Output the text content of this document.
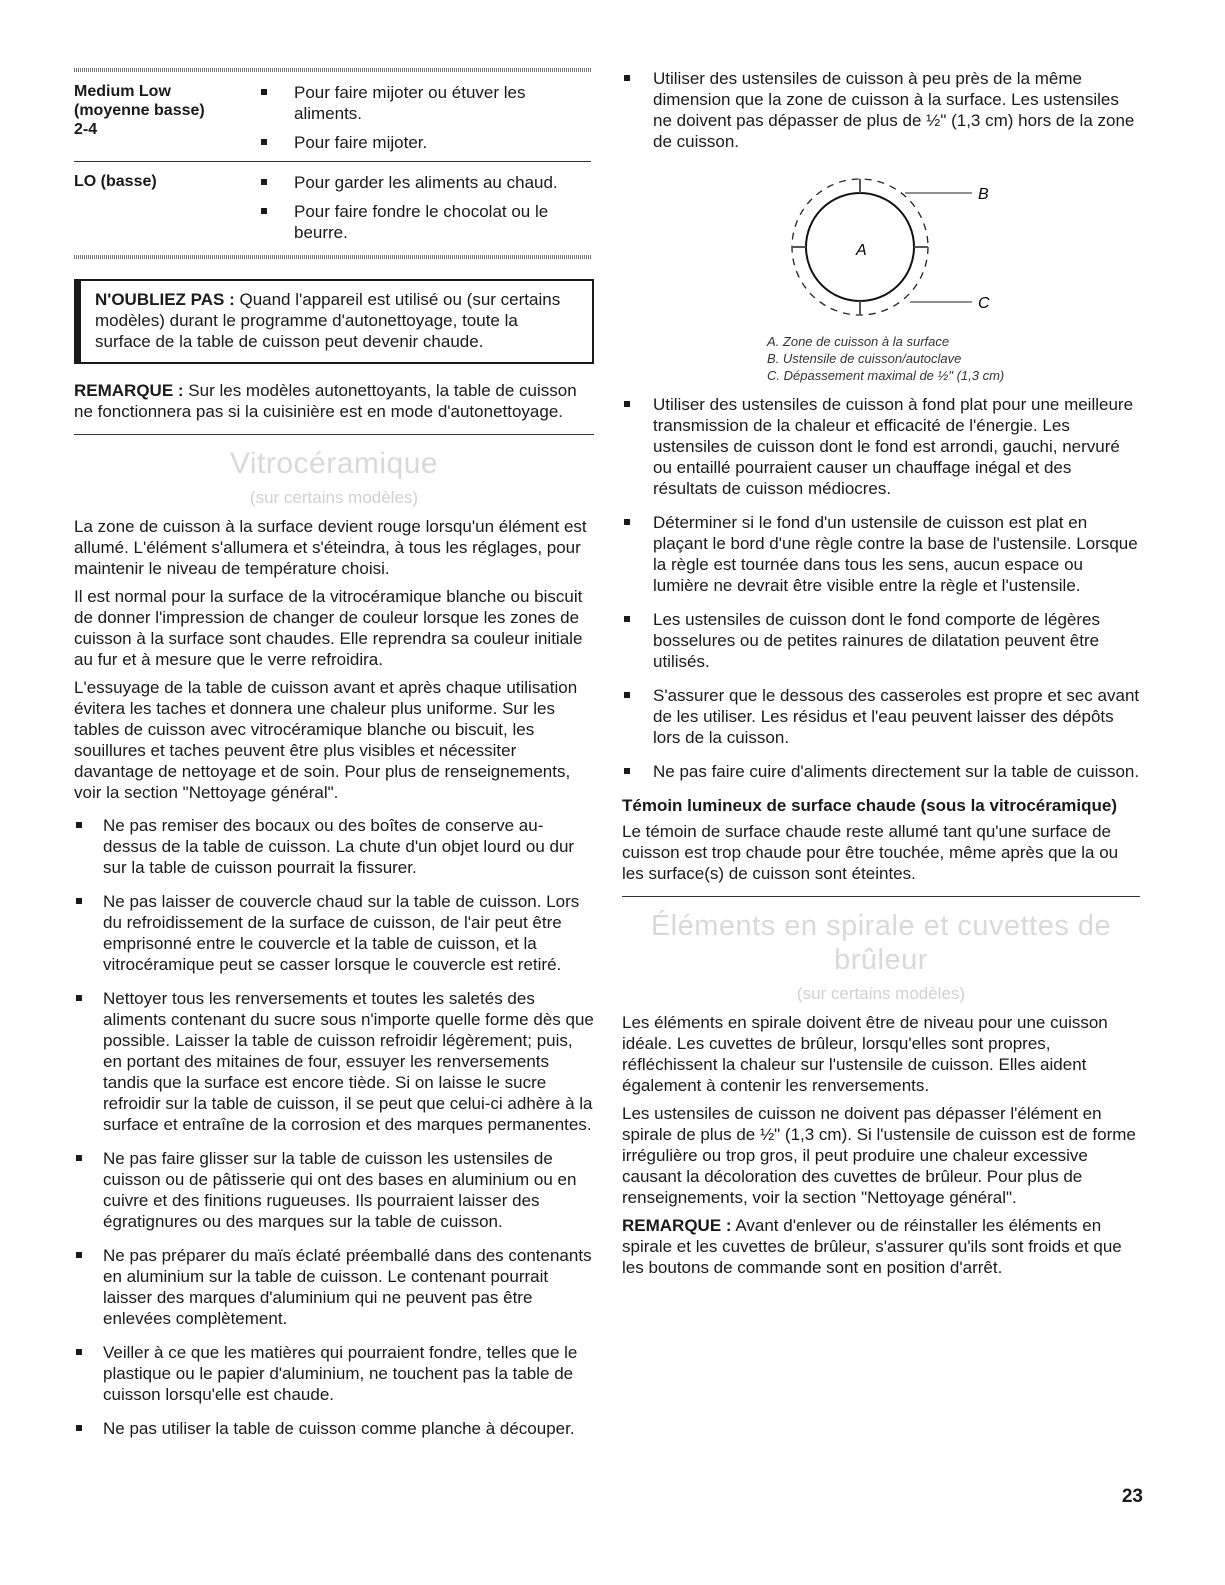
Medium Low
(moyenne basse)
2-4
Pour faire mijoter ou étuver les aliments.
Pour faire mijoter.
LO (basse)	Pour garder les aliments au chaud.
Pour faire fondre le chocolat ou le beurre.
N'OUBLIEZ PAS : Quand l'appareil est utilisé ou (sur certains modèles) durant le programme d'autonettoyage, toute la surface de la table de cuisson peut devenir chaude.

REMARQUE : Sur les modèles autonettoyants, la table de cuisson ne fonctionnera pas si la cuisinière est en mode d'autonettoyage.

Vitrocéramique
(sur certains modèles)

La zone de cuisson à la surface devient rouge lorsqu'un élément est allumé. L'élément s'allumera et s'éteindra, à tous les réglages, pour maintenir le niveau de température choisi.

Il est normal pour la surface de la vitrocéramique blanche ou biscuit de donner l'impression de changer de couleur lorsque les zones de cuisson à la surface sont chaudes. Elle reprendra sa couleur initiale au fur et à mesure que le verre refroidira.

L'essuyage de la table de cuisson avant et après chaque utilisation évitera les taches et donnera une chaleur plus uniforme. Sur les tables de cuisson avec vitrocéramique blanche ou biscuit, les souillures et taches peuvent être plus visibles et nécessiter davantage de nettoyage et de soin. Pour plus de renseignements, voir la section "Nettoyage général".

Ne pas remiser des bocaux ou des boîtes de conserve au-dessus de la table de cuisson. La chute d'un objet lourd ou dur sur la table de cuisson pourrait la fissurer.
Ne pas laisser de couvercle chaud sur la table de cuisson. Lors du refroidissement de la surface de cuisson, de l'air peut être emprisonné entre le couvercle et la table de cuisson, et la vitrocéramique peut se casser lorsque le couvercle est retiré.
Nettoyer tous les renversements et toutes les saletés des aliments contenant du sucre sous n'importe quelle forme dès que possible. Laisser la table de cuisson refroidir légèrement; puis, en portant des mitaines de four, essuyer les renversements tandis que la surface est encore tiède. Si on laisse le sucre refroidir sur la table de cuisson, il se peut que celui-ci adhère à la surface et entraîne de la corrosion et des marques permanentes.
Ne pas faire glisser sur la table de cuisson les ustensiles de cuisson ou de pâtisserie qui ont des bases en aluminium ou en cuivre et des finitions rugueuses. Ils pourraient laisser des égratignures ou des marques sur la table de cuisson.
Ne pas préparer du maïs éclaté préemballé dans des contenants en aluminium sur la table de cuisson. Le contenant pourrait laisser des marques d'aluminium qui ne peuvent pas être enlevées complètement.
Veiller à ce que les matières qui pourraient fondre, telles que le plastique ou le papier d'aluminium, ne touchent pas la table de cuisson lorsqu'elle est chaude.
Ne pas utiliser la table de cuisson comme planche à découper.
Utiliser des ustensiles de cuisson à peu près de la même dimension que la zone de cuisson à la surface. Les ustensiles ne doivent pas dépasser de plus de ½" (1,3 cm) hors de la zone de cuisson.
A
B
C

A. Zone de cuisson à la surface

B. Ustensile de cuisson/autoclave

C. Dépassement maximal de ½" (1,3 cm)

Utiliser des ustensiles de cuisson à fond plat pour une meilleure transmission de la chaleur et efficacité de l'énergie. Les ustensiles de cuisson dont le fond est arrondi, gauchi, nervuré ou entaillé pourraient causer un chauffage inégal et des résultats de cuisson médiocres.
Déterminer si le fond d'un ustensile de cuisson est plat en plaçant le bord d'une règle contre la base de l'ustensile. Lorsque la règle est tournée dans tous les sens, aucun espace ou lumière ne devrait être visible entre la règle et l'ustensile.
Les ustensiles de cuisson dont le fond comporte de légères bosselures ou de petites rainures de dilatation peuvent être utilisés.
S'assurer que le dessous des casseroles est propre et sec avant de les utiliser. Les résidus et l'eau peuvent laisser des dépôts lors de la cuisson.
Ne pas faire cuire d'aliments directement sur la table de cuisson.
Témoin lumineux de surface chaude (sous la vitrocéramique)

Le témoin de surface chaude reste allumé tant qu'une surface de cuisson est trop chaude pour être touchée, même après que la ou les surface(s) de cuisson sont éteintes.

Éléments en spirale et cuvettes de brûleur
(sur certains modèles)

Les éléments en spirale doivent être de niveau pour une cuisson idéale. Les cuvettes de brûleur, lorsqu'elles sont propres, réfléchissent la chaleur sur l'ustensile de cuisson. Elles aident également à contenir les renversements.

Les ustensiles de cuisson ne doivent pas dépasser l'élément en spirale de plus de ½" (1,3 cm). Si l'ustensile de cuisson est de forme irrégulière ou trop gros, il peut produire une chaleur excessive causant la décoloration des cuvettes de brûleur. Pour plus de renseignements, voir la section "Nettoyage général".

REMARQUE : Avant d'enlever ou de réinstaller les éléments en spirale et les cuvettes de brûleur, s'assurer qu'ils sont froids et que les boutons de commande sont en position d'arrêt.

23
